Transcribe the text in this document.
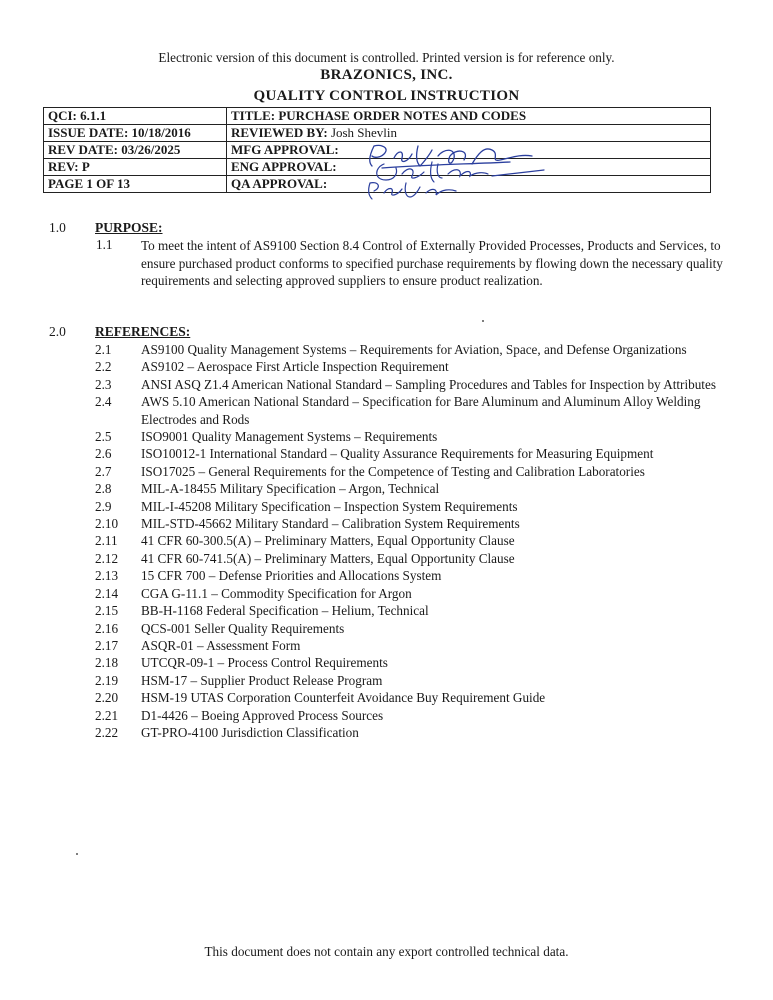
Electronic version of this document is controlled. Printed version is for reference only.
BRAZONICS, INC.
QUALITY CONTROL INSTRUCTION
QCI: 6.1.1	TITLE: PURCHASE ORDER NOTES AND CODES
ISSUE DATE: 10/18/2016	REVIEWED BY: Josh Shevlin
REV DATE: 03/26/2025	MFG APPROVAL:
REV: P	ENG APPROVAL:
PAGE 1 OF 13	QA APPROVAL:
1.0 PURPOSE:
1.1 To meet the intent of AS9100 Section 8.4 Control of Externally Provided Processes, Products and Services, to ensure purchased product conforms to specified purchase requirements by flowing down the necessary quality requirements and selecting approved suppliers to ensure product realization.
2.0 REFERENCES:
2.1	AS9100 Quality Management Systems – Requirements for Aviation, Space, and Defense Organizations
2.2	AS9102 – Aerospace First Article Inspection Requirement
2.3	ANSI ASQ Z1.4 American National Standard – Sampling Procedures and Tables for Inspection by Attributes
2.4	AWS 5.10 American National Standard – Specification for Bare Aluminum and Aluminum Alloy Welding Electrodes and Rods
2.5	ISO9001 Quality Management Systems – Requirements
2.6	ISO10012-1 International Standard – Quality Assurance Requirements for Measuring Equipment
2.7	ISO17025 – General Requirements for the Competence of Testing and Calibration Laboratories
2.8	MIL-A-18455 Military Specification – Argon, Technical
2.9	MIL-I-45208 Military Specification – Inspection System Requirements
2.10	MIL-STD-45662 Military Standard – Calibration System Requirements
2.11	41 CFR 60-300.5(A) – Preliminary Matters, Equal Opportunity Clause
2.12	41 CFR 60-741.5(A) – Preliminary Matters, Equal Opportunity Clause
2.13	15 CFR 700 – Defense Priorities and Allocations System
2.14	CGA G-11.1 – Commodity Specification for Argon
2.15	BB-H-1168 Federal Specification – Helium, Technical
2.16	QCS-001 Seller Quality Requirements
2.17	ASQR-01 – Assessment Form
2.18	UTCQR-09-1 – Process Control Requirements
2.19	HSM-17 – Supplier Product Release Program
2.20	HSM-19 UTAS Corporation Counterfeit Avoidance Buy Requirement Guide
2.21	D1-4426 – Boeing Approved Process Sources
2.22	GT-PRO-4100 Jurisdiction Classification
This document does not contain any export controlled technical data.
